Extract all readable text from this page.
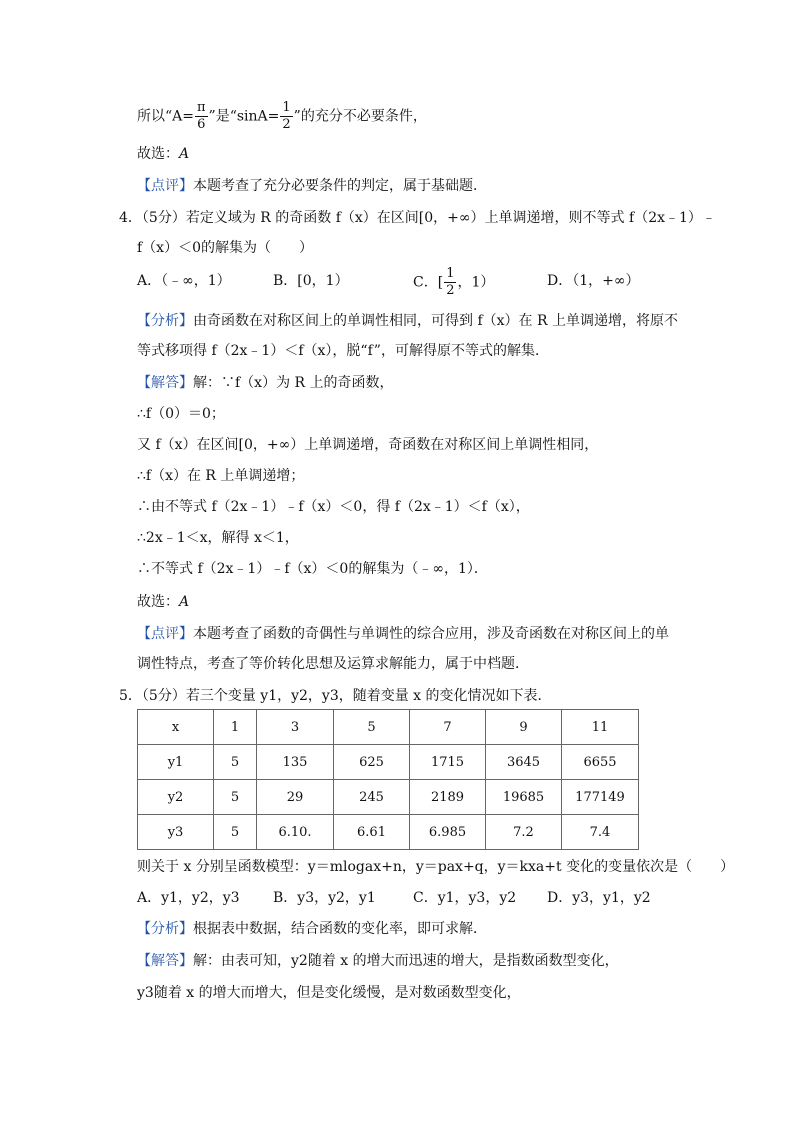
所以“$A= \frac{\pi}{6}$ ”是“$\sin A= \frac{1}{2}$ ”的充分不必要条件，
故选：A
【点评】本题考查了充分必要条件的判定，属于基础题．
4．（5分）若定义域为 R 的奇函数 f（x）在区间[0，+∞）上单调递增，则不等式 f（2x﹣1）﹣
f（x）＜0的解集为（　　）
A．（﹣∞，1）	B．[0，1）	C．[ $\frac{1}{2}$ ，1）	D．（1，+∞）
【分析】由奇函数在对称区间上的单调性相同，可得到 f（x）在 R 上单调递增，将原不
等式移项得 f（2x﹣1）＜f（x），脱“f”，可解得原不等式的解集．
【解答】解：∵f（x）为 R 上的奇函数，
∴f（0）＝0；
又 f（x）在区间[0，+∞）上单调递增，奇函数在对称区间上单调性相同，
∴f（x）在 R 上单调递增；
∴由不等式 f（2x﹣1）﹣f（x）＜0，得 f（2x﹣1）＜f（x），
∴2x﹣1＜x，解得 x＜1，
∴不等式 f（2x﹣1）﹣f（x）＜0的解集为（﹣∞，1）．
故选：A
【点评】本题考查了函数的奇偶性与单调性的综合应用，涉及奇函数在对称区间上的单
调性特点，考查了等价转化思想及运算求解能力，属于中档题．
5．（5分）若三个变量 y1，y2，y3，随着变量 x 的变化情况如下表．
x	1	3	5	7	9	11
y1	5	135	625	1715	3645	6655
y2	5	29	245	2189	19685	177149
y3	5	6.10.	6.61	6.985	7.2	7.4
则关于 x 分别呈函数模型：y＝mlogax+n，y＝pax+q，y＝kxa+t 变化的变量依次是（　　）
A．y1，y2，y3 B．y3，y2，y1	C．y1，y3，y2 D．y3，y1，y2
【分析】根据表中数据，结合函数的变化率，即可求解．
【解答】解：由表可知，y2随着 x 的增大而迅速的增大，是指数函数型变化，
y3随着 x 的增大而增大，但是变化缓慢，是对数函数型变化，
